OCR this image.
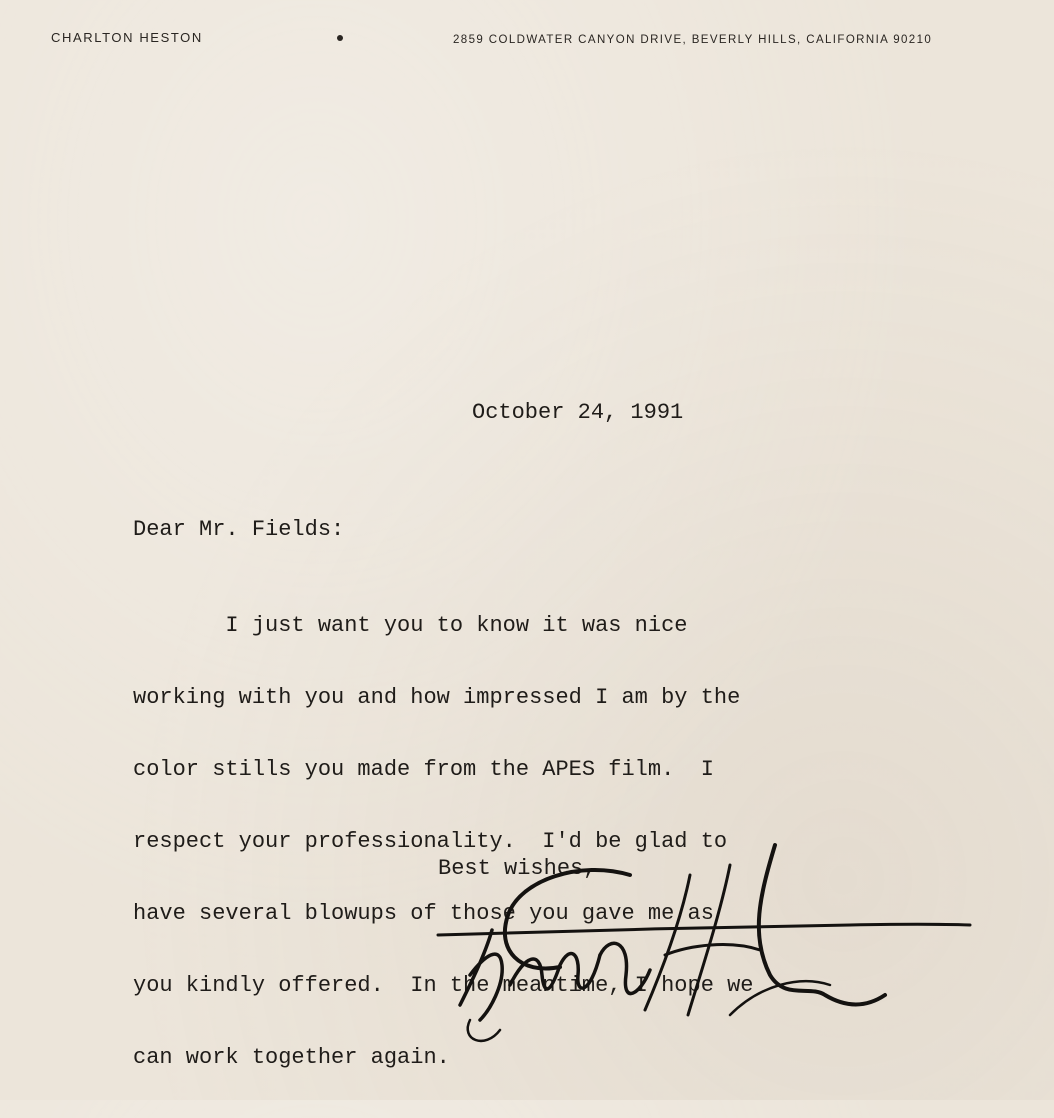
CHARLTON HESTON	2859 COLDWATER CANYON DRIVE, BEVERLY HILLS, CALIFORNIA 90210
October 24, 1991
Dear Mr. Fields:

I just want you to know it was nice

working with you and how impressed I am by the

color stills you made from the APES film.  I

respect your professionality.  I'd be glad to

have several blowups of those you gave me as

you kindly offered.  In the meantime, I hope we

can work together again.

Best wishes,
